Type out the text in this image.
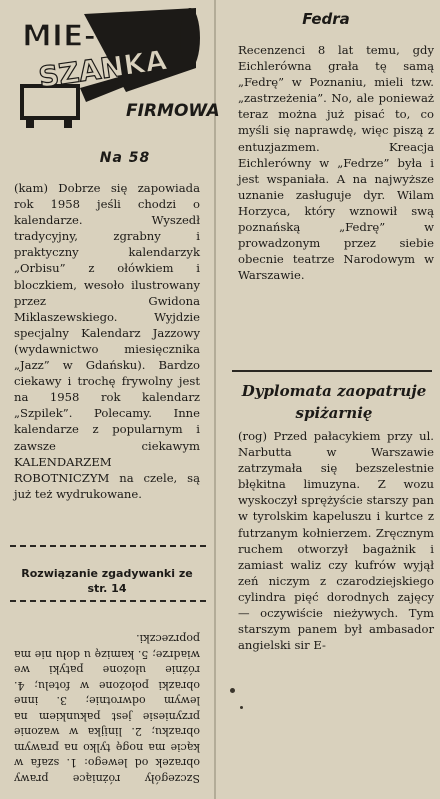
MIE-
SZANKA
FIRMOWA
Na 58
(kam) Dobrze się zapowiada rok 1958 jeśli chodzi o kalendarze. Wyszedł tradycyjny, zgrabny i praktyczny kalendarzyk „Orbisu” z ołówkiem i bloczkiem, wesoło ilustrowany przez Gwidona Miklaszewskiego. Wyjdzie specjalny Kalendarz Jazzowy (wydawnictwo miesięcznika „Jazz” w Gdańsku). Bardzo ciekawy i trochę frywolny jest na 1958 rok kalendarz „Szpilek”. Polecamy. Inne kalendarze z popularnym i zawsze ciekawym KALENDARZEM ROBOTNICZYM na czele, są już też wydrukowane.
Rozwiązanie zgadywanki ze str. 14
Szczegóły różniące prawy obrazek od lewego: 1. szafa w kącie ma nogę tylko na prawym obrazku; 2. linijka w wazonie przyniesie jest pakunkiem na lewym odwrotnie; 3. inne obrazki położone w fotelu; 4. różnie ułożone patyki we wiadrze; 5. kamizę u dołu nie ma poprzeczki.
Fedra
Recenzenci 8 lat temu, gdy Eichlerówna grała tę samą „Fedrę” w Poznaniu, mieli tzw. „zastrzeżenia”. No, ale ponieważ teraz można już pisać to, co myśli się naprawdę, więc piszą z entuzjazmem. Kreacja Eichlerówny w „Fedrze” była i jest wspaniała. A na najwyższe uznanie zasługuje dyr. Wilam Horzyca, który wznowił swą poznańską „Fedrę” w prowadzonym przez siebie obecnie teatrze Narodowym w Warszawie.
Dyplomata zaopatruje spiżarnię
(rog) Przed pałacykiem przy ul. Narbutta w Warszawie zatrzymała się bezszelestnie błękitna limuzyna. Z wozu wyskoczył sprężyście starszy pan w tyrolskim kapeluszu i kurtce z futrzanym kołnierzem. Zręcznym ruchem otworzył bagażnik i zamiast waliz czy kufrów wyjął zeń niczym z czarodziejskiego cylindra pięć dorodnych zajęcy — oczywiście nieżywych. Tym starszym panem był ambasador angielski sir E-
